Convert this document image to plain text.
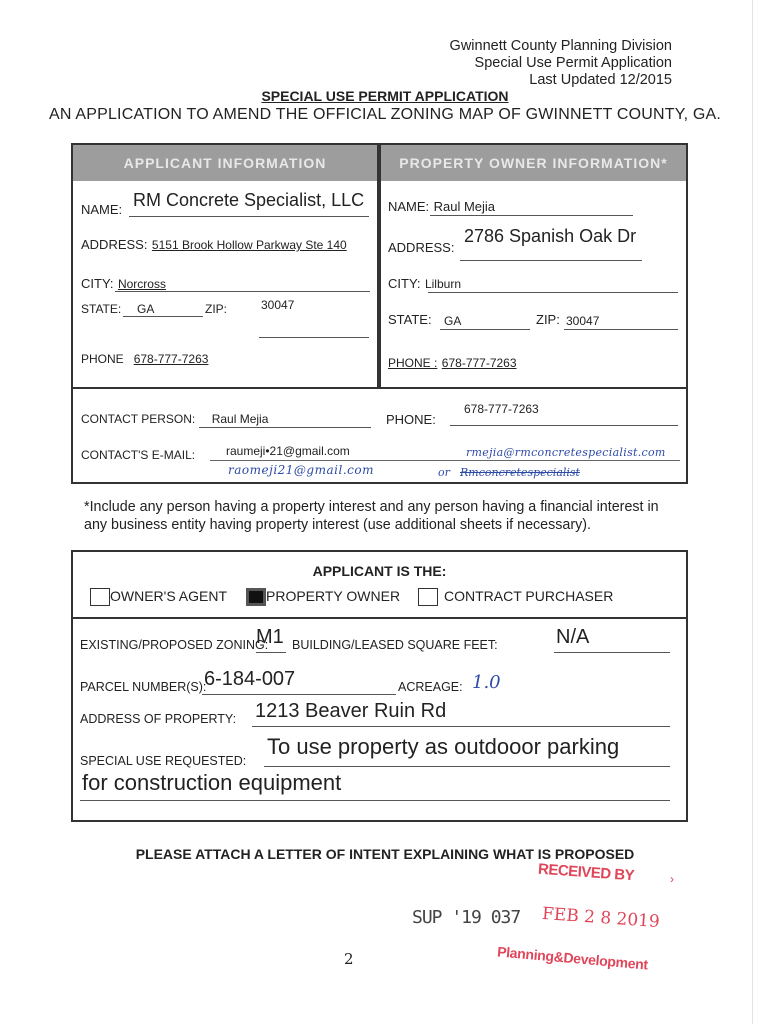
Gwinnett County Planning Division
Special Use Permit Application
Last Updated 12/2015
SPECIAL USE PERMIT APPLICATION
AN APPLICATION TO AMEND THE OFFICIAL ZONING MAP OF GWINNETT COUNTY, GA.
APPLICANT INFORMATION	PROPERTY OWNER INFORMATION*
NAME: RM Concrete Specialist, LLC
ADDRESS: 5151 Brook Hollow Parkway Ste 140
CITY: Norcross
STATE: GA	ZIP:	30047
PHONE 678-777-7263
NAME: Raul Mejia
ADDRESS:
2786 Spanish Oak Dr
CITY: Lilburn
STATE: GA	ZIP: 30047
PHONE : 678-777-7263
CONTACT PERSON: Raul Mejia	PHONE:
678-777-7263
CONTACT'S E-MAIL:	raumeji•21@gmail.com	rmejia@rmconcretespecialist.com
raomeji21@gmail.com	or Rmconcretespecialist
*Include any person having a property interest and any person having a financial interest in any business entity having property interest (use additional sheets if necessary).
APPLICANT IS THE:
OWNER'S AGENT	PROPERTY OWNER	CONTRACT PURCHASER
EXISTING/PROPOSED ZONING:
M1 BUILDING/LEASED SQUARE FEET:	N/A
PARCEL NUMBER(S):
6-184-007	ACREAGE: 1.0
ADDRESS OF PROPERTY: 1213 Beaver Ruin Rd
SPECIAL USE REQUESTED:
To use property as outdooor parking
for construction equipment
PLEASE ATTACH A LETTER OF INTENT EXPLAINING WHAT IS PROPOSED
RECEIVED BY	›
SUP '19 037 FEB 2 8 2019
Planning&Development
2
